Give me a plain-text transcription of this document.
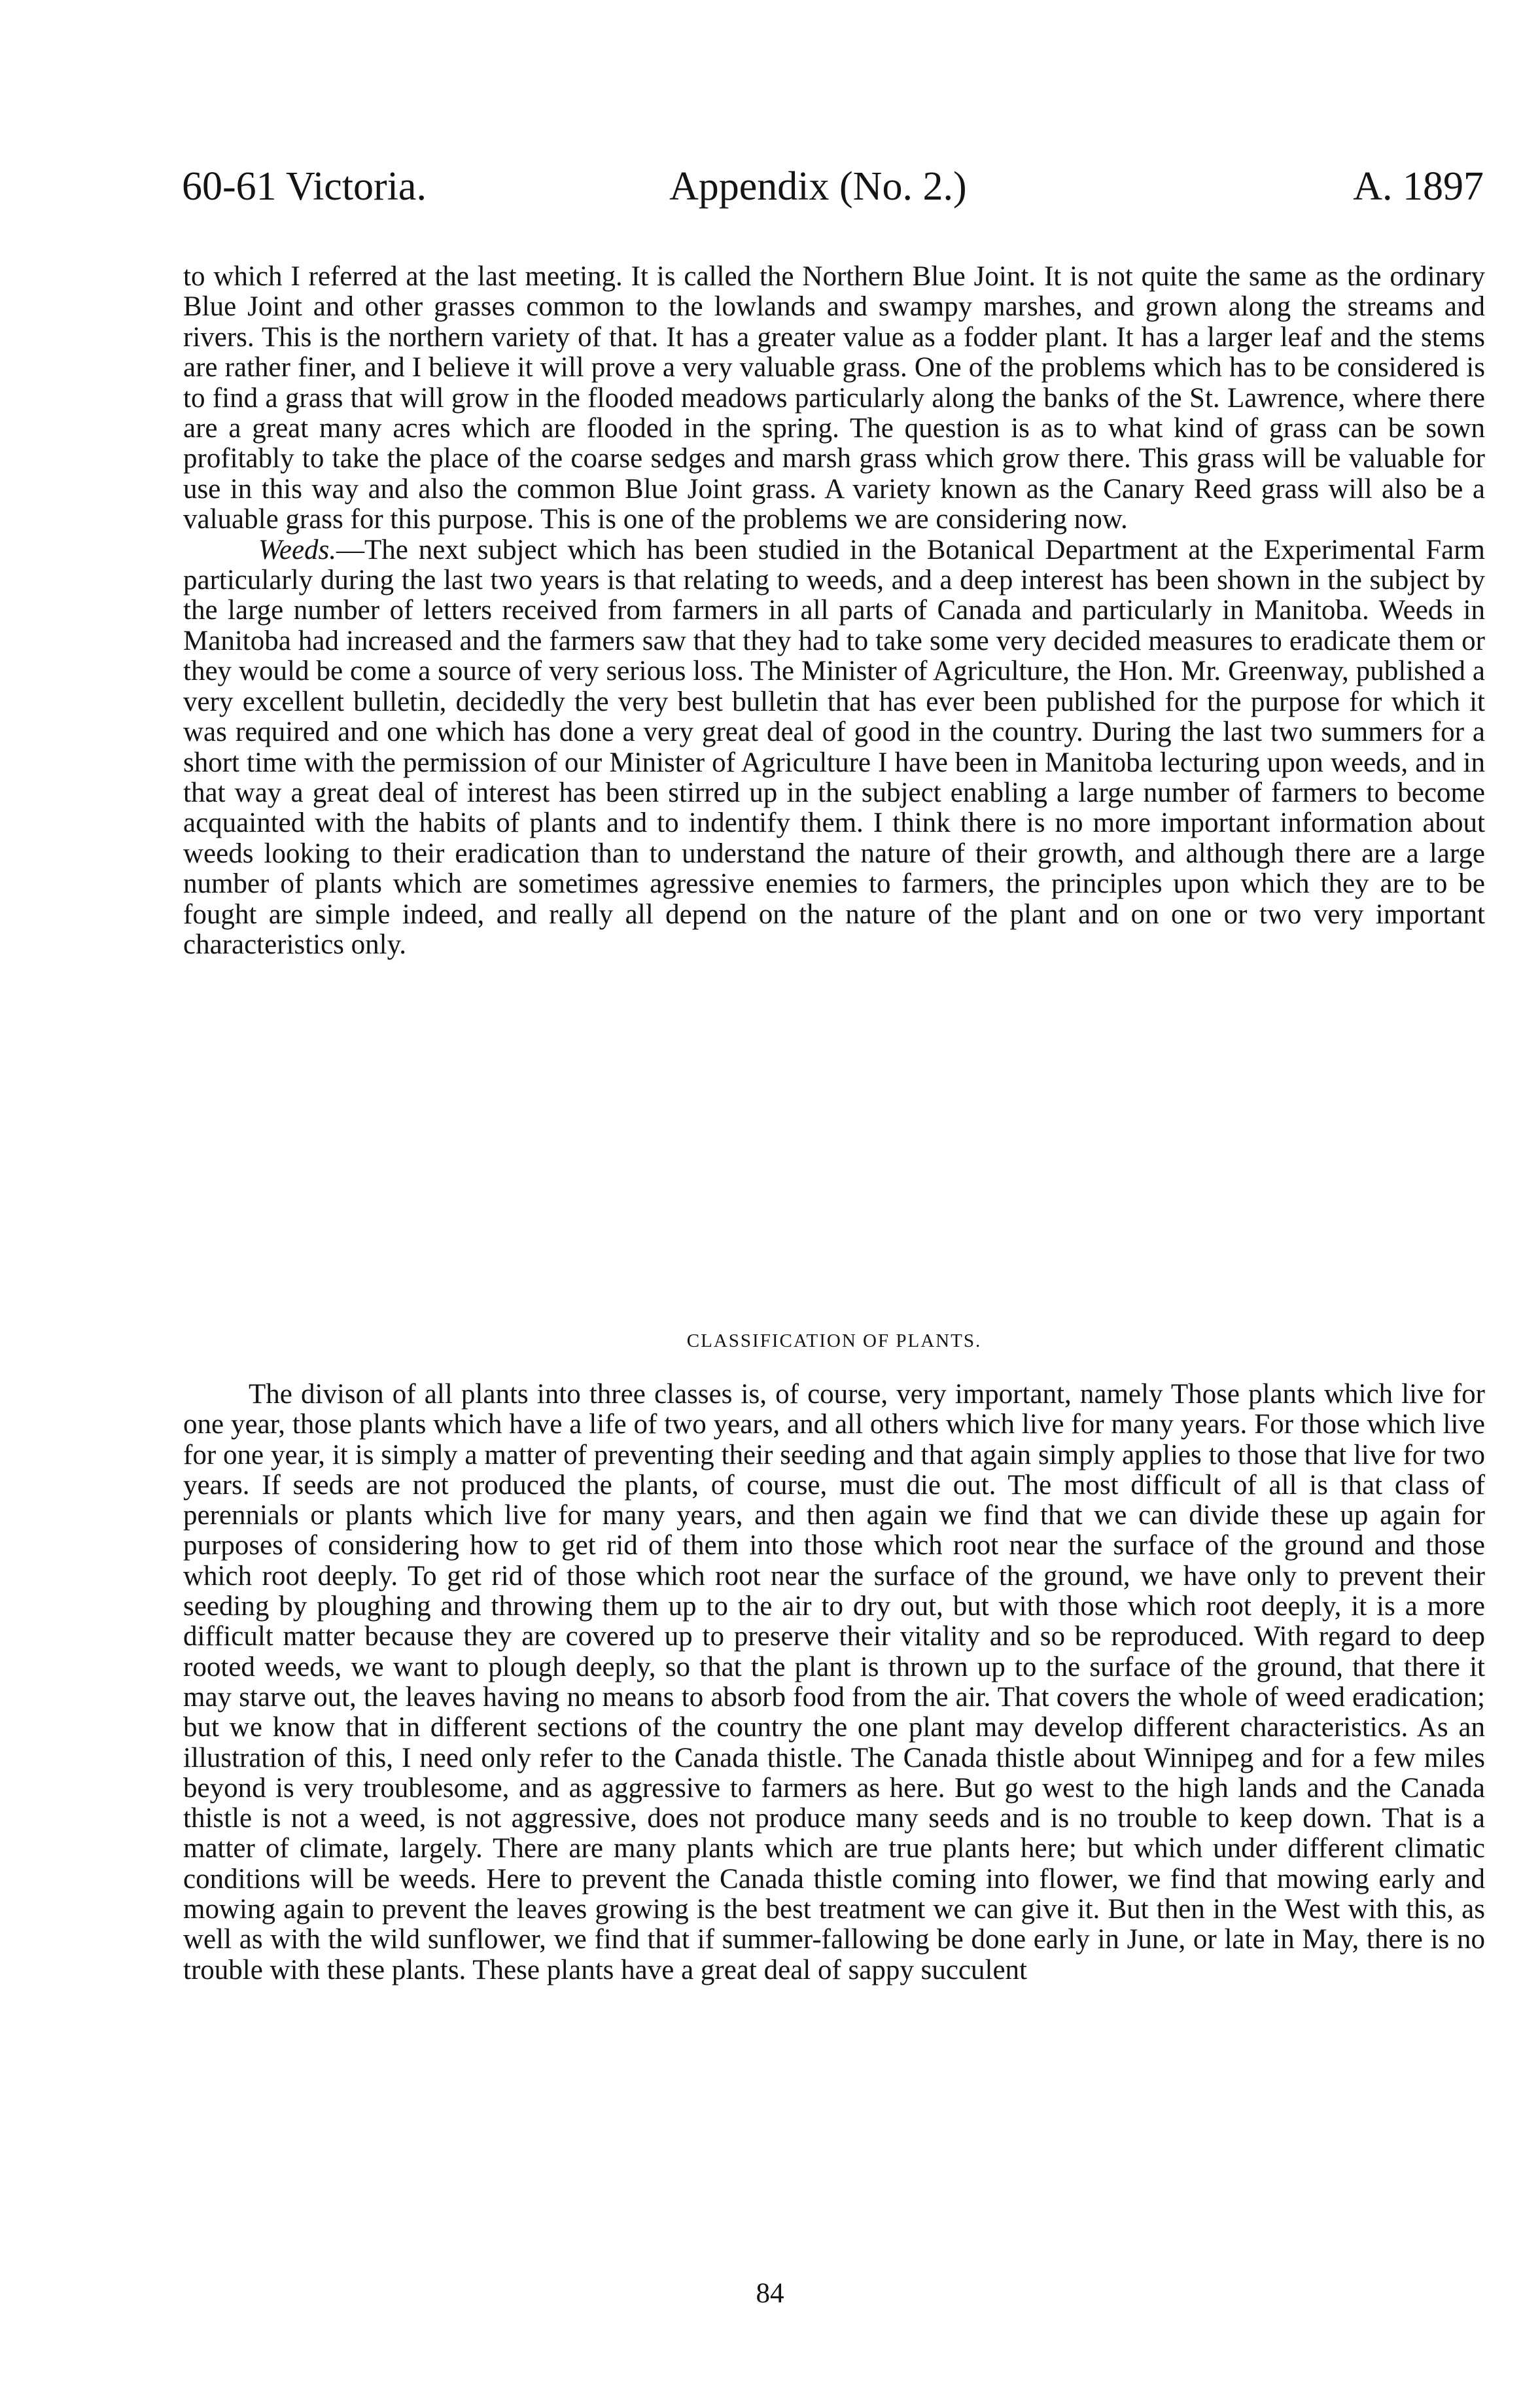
60-61 Victoria.	Appendix (No. 2.)	A. 1897

to which I referred at the last meeting. It is called the Northern Blue Joint. It is not quite the same as the ordinary Blue Joint and other grasses common to the lowlands and swampy marshes, and grown along the streams and rivers. This is the northern variety of that. It has a greater value as a fodder plant. It has a larger leaf and the stems are rather finer, and I believe it will prove a very valuable grass. One of the problems which has to be considered is to find a grass that will grow in the flooded meadows particularly along the banks of the St. Lawrence, where there are a great many acres which are flooded in the spring. The question is as to what kind of grass can be sown profitably to take the place of the coarse sedges and marsh grass which grow there. This grass will be valuable for use in this way and also the common Blue Joint grass. A variety known as the Canary Reed grass will also be a valuable grass for this purpose. This is one of the problems we are considering now.

Weeds.—The next subject which has been studied in the Botanical Department at the Experimental Farm particularly during the last two years is that relating to weeds, and a deep interest has been shown in the subject by the large number of letters received from farmers in all parts of Canada and particularly in Manitoba. Weeds in Manitoba had increased and the farmers saw that they had to take some very decided measures to eradicate them or they would be come a source of very serious loss. The Minister of Agriculture, the Hon. Mr. Greenway, published a very excellent bulletin, decidedly the very best bulletin that has ever been published for the purpose for which it was required and one which has done a very great deal of good in the country. During the last two summers for a short time with the permission of our Minister of Agriculture I have been in Manitoba lecturing upon weeds, and in that way a great deal of interest has been stirred up in the subject enabling a large number of farmers to become acquainted with the habits of plants and to indentify them. I think there is no more important information about weeds looking to their eradication than to understand the nature of their growth, and although there are a large number of plants which are sometimes agressive enemies to farmers, the principles upon which they are to be fought are simple indeed, and really all depend on the nature of the plant and on one or two very important characteristics only.

CLASSIFICATION OF PLANTS.

The divison of all plants into three classes is, of course, very important, namely Those plants which live for one year, those plants which have a life of two years, and all others which live for many years. For those which live for one year, it is simply a matter of preventing their seeding and that again simply applies to those that live for two years. If seeds are not produced the plants, of course, must die out. The most difficult of all is that class of perennials or plants which live for many years, and then again we find that we can divide these up again for purposes of considering how to get rid of them into those which root near the surface of the ground and those which root deeply. To get rid of those which root near the surface of the ground, we have only to prevent their seeding by ploughing and throwing them up to the air to dry out, but with those which root deeply, it is a more difficult matter because they are covered up to preserve their vitality and so be reproduced. With regard to deep rooted weeds, we want to plough deeply, so that the plant is thrown up to the surface of the ground, that there it may starve out, the leaves having no means to absorb food from the air. That covers the whole of weed eradication; but we know that in different sections of the country the one plant may develop different characteristics. As an illustration of this, I need only refer to the Canada thistle. The Canada thistle about Winnipeg and for a few miles beyond is very troublesome, and as aggressive to farmers as here. But go west to the high lands and the Canada thistle is not a weed, is not aggressive, does not produce many seeds and is no trouble to keep down. That is a matter of climate, largely. There are many plants which are true plants here; but which under different climatic conditions will be weeds. Here to prevent the Canada thistle coming into flower, we find that mowing early and mowing again to prevent the leaves growing is the best treatment we can give it. But then in the West with this, as well as with the wild sunflower, we find that if summer-fallowing be done early in June, or late in May, there is no trouble with these plants. These plants have a great deal of sappy succulent

84
